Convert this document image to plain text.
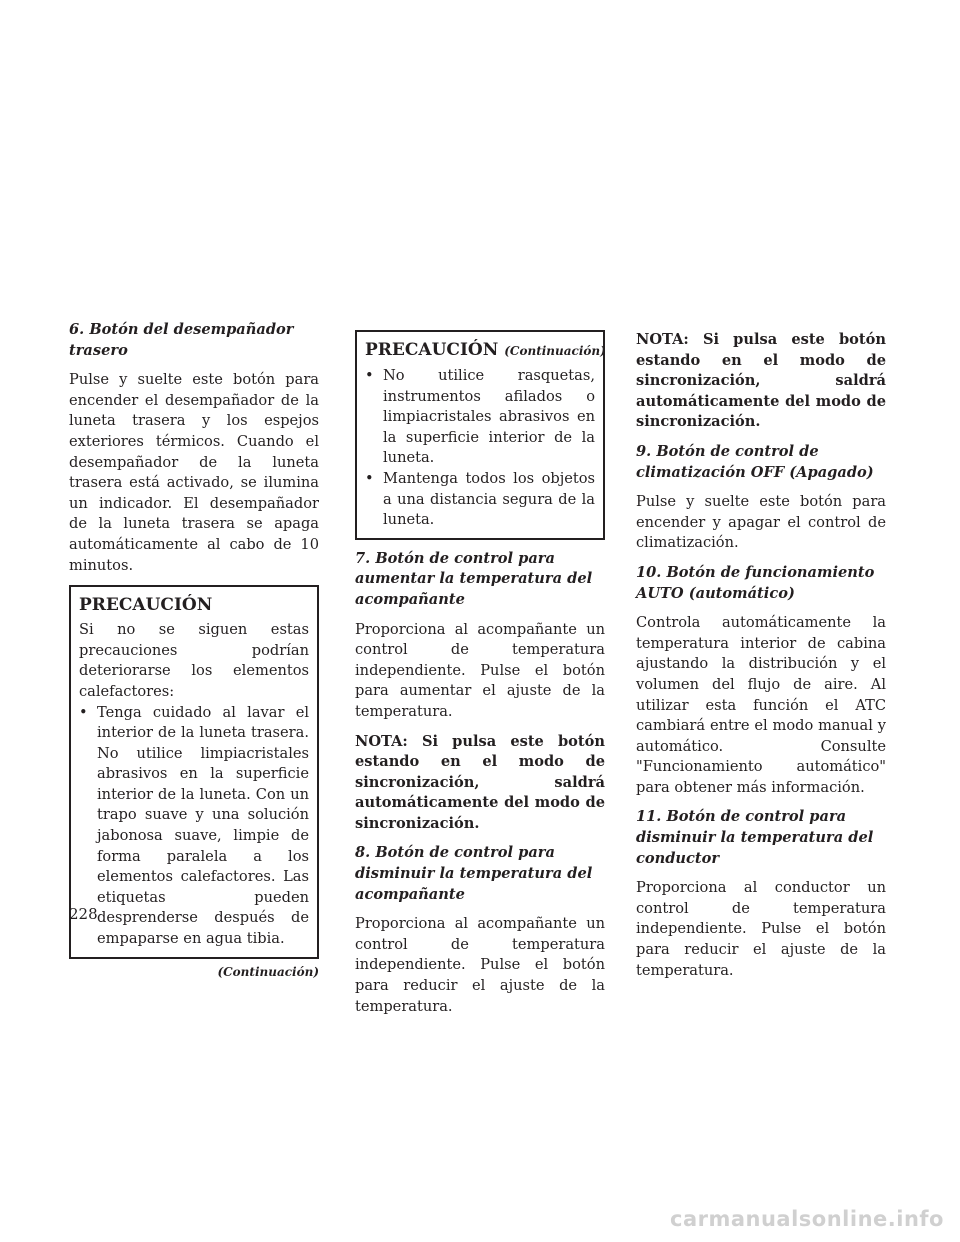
6. Botón del desempañador trasero
Pulse y suelte este botón para encender el desempañador de la luneta trasera y los espejos exteriores térmicos. Cuando el desempañador de la luneta trasera está activado, se ilumina un indicador. El desempañador de la luneta trasera se apaga automáticamente al cabo de 10 minutos.
PRECAUCIÓN
Si no se siguen estas precauciones podrían deteriorarse los elementos calefactores:
• Tenga cuidado al lavar el interior de la luneta trasera. No utilice limpiacristales abrasivos en la superficie interior de la luneta. Con un trapo suave y una solución jabonosa suave, limpie de forma paralela a los elementos calefactores. Las etiquetas pueden desprenderse después de empaparse en agua tibia.
(Continuación)
PRECAUCIÓN (Continuación)
• No utilice rasquetas, instrumentos afilados o limpiacristales abrasivos en la superficie interior de la luneta.
• Mantenga todos los objetos a una distancia segura de la luneta.
7. Botón de control para aumentar la temperatura del acompañante
Proporciona al acompañante un control de temperatura independiente. Pulse el botón para aumentar el ajuste de la temperatura.
NOTA: Si pulsa este botón estando en el modo de sincronización, saldrá automáticamente del modo de sincronización.
8. Botón de control para disminuir la temperatura del acompañante
Proporciona al acompañante un control de temperatura independiente. Pulse el botón para reducir el ajuste de la temperatura.
NOTA: Si pulsa este botón estando en el modo de sincronización, saldrá automáticamente del modo de sincronización.
9. Botón de control de climatización OFF (Apagado)
Pulse y suelte este botón para encender y apagar el control de climatización.
10. Botón de funcionamiento AUTO (automático)
Controla automáticamente la temperatura interior de cabina ajustando la distribución y el volumen del flujo de aire. Al utilizar esta función el ATC cambiará entre el modo manual y automático. Consulte "Funcionamiento automático" para obtener más información.
11. Botón de control para disminuir la temperatura del conductor
Proporciona al conductor un control de temperatura independiente. Pulse el botón para reducir el ajuste de la temperatura.
228
carmanualsonline.info
